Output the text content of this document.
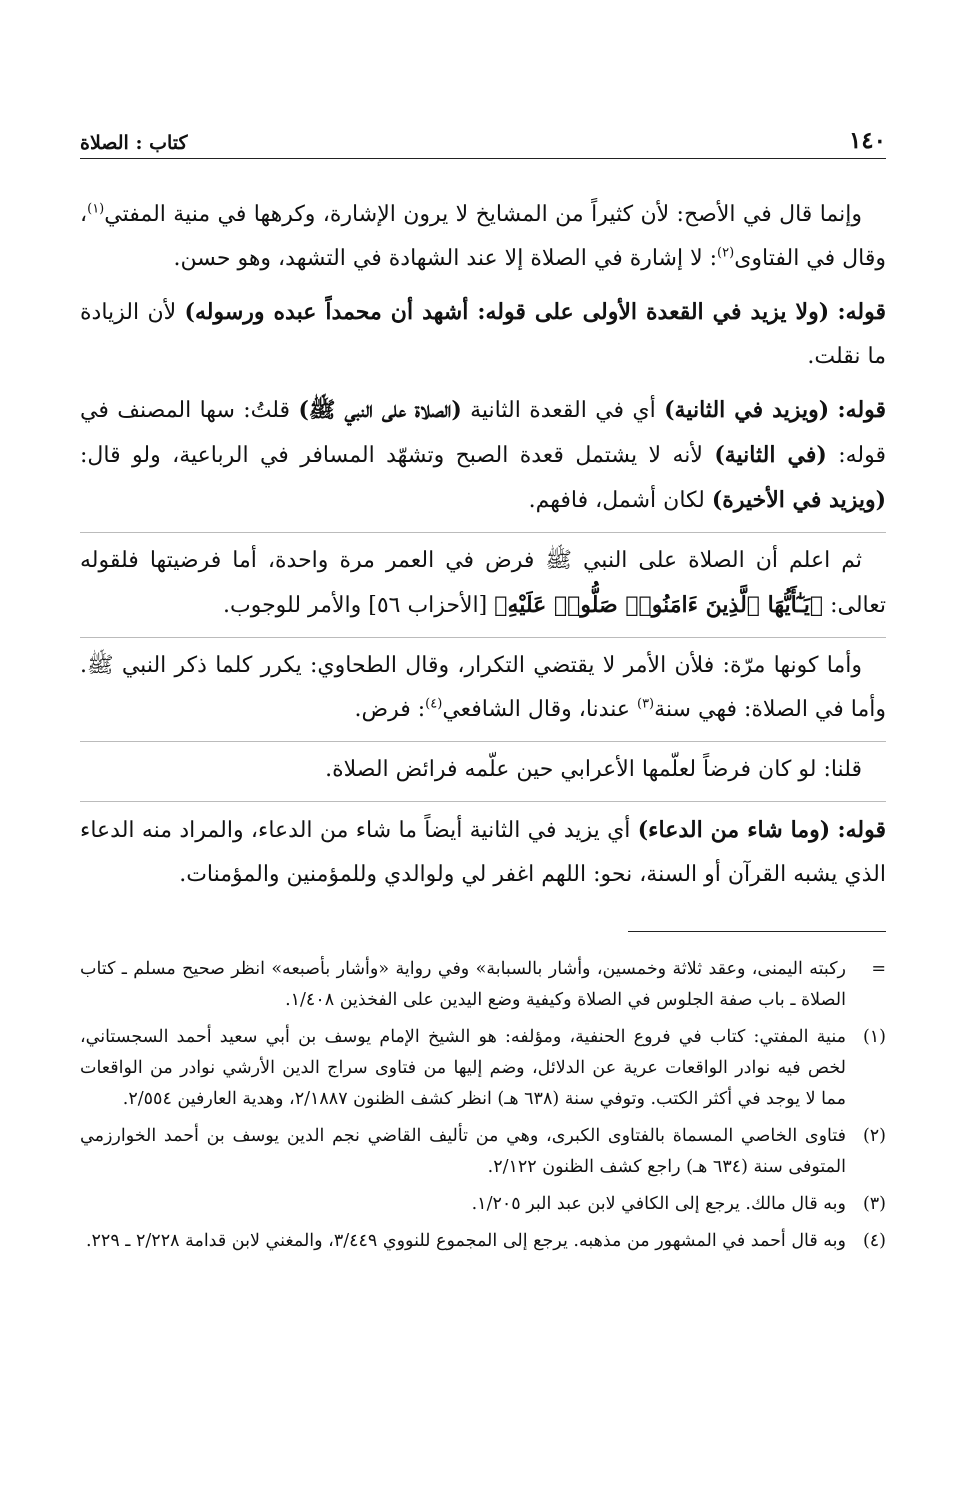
١٤٠
كتاب : الصلاة

وإنما قال في الأصح: لأن كثيراً من المشايخ لا يرون الإشارة، وكرهها في منية المفتي$^{(١)}$، وقال في الفتاوى$^{(٢)}$: لا إشارة في الصلاة إلا عند الشهادة في التشهد، وهو حسن.

قوله: (ولا يزيد في القعدة الأولى على قوله: أشهد أن محمداً عبده ورسوله) لأن الزيادة ما نقلت.

قوله: (ويزيد في الثانية) أي في القعدة الثانية (الصلاة على النبي ﷺ) قلتُ: سها المصنف في قوله: (في الثانية) لأنه لا يشتمل قعدة الصبح وتشهّد المسافر في الرباعية، ولو قال: (ويزيد في الأخيرة) لكان أشمل، فافهم.

ثم اعلم أن الصلاة على النبي ﷺ فرض في العمر مرة واحدة، أما فرضيتها فلقوله تعالى: ﴿يَـٰٓأَيُّهَا ٱلَّذِينَ ءَامَنُوا۟ صَلُّوا۟ عَلَيْهِ﴾ [الأحزاب ٥٦] والأمر للوجوب.

وأما كونها مرّة: فلأن الأمر لا يقتضي التكرار، وقال الطحاوي: يكرر كلما ذكر النبي ﷺ. وأما في الصلاة: فهي سنة$^{(٣)}$ عندنا، وقال الشافعي$^{(٤)}$: فرض.

قلنا: لو كان فرضاً لعلّمها الأعرابي حين علّمه فرائض الصلاة.

قوله: (وما شاء من الدعاء) أي يزيد في الثانية أيضاً ما شاء من الدعاء، والمراد منه الدعاء الذي يشبه القرآن أو السنة، نحو: اللهم اغفر لي ولوالدي وللمؤمنين والمؤمنات.

=
ركبته اليمنى، وعقد ثلاثة وخمسين، وأشار بالسبابة» وفي رواية «وأشار بأصبعه» انظر صحيح مسلم ـ كتاب الصلاة ـ باب صفة الجلوس في الصلاة وكيفية وضع اليدين على الفخذين ١/٤٠٨.
(١)
منية المفتي: كتاب في فروع الحنفية، ومؤلفه: هو الشيخ الإمام يوسف بن أبي سعيد أحمد السجستاني، لخص فيه نوادر الواقعات عرية عن الدلائل، وضم إليها من فتاوى سراج الدين الأرشي نوادر من الواقعات مما لا يوجد في أكثر الكتب. وتوفي سنة (٦٣٨ هـ) انظر كشف الظنون ٢/١٨٨٧، وهدية العارفين ٢/٥٥٤.
(٢)
فتاوى الخاصي المسماة بالفتاوى الكبرى، وهي من تأليف القاضي نجم الدين يوسف بن أحمد الخوارزمي المتوفى سنة (٦٣٤ هـ) راجع كشف الظنون ٢/١٢٢.
(٣)
وبه قال مالك. يرجع إلى الكافي لابن عبد البر ١/٢٠٥.
(٤)
وبه قال أحمد في المشهور من مذهبه. يرجع إلى المجموع للنووي ٣/٤٤٩، والمغني لابن قدامة ٢/٢٢٨ ـ ٢٢٩.
